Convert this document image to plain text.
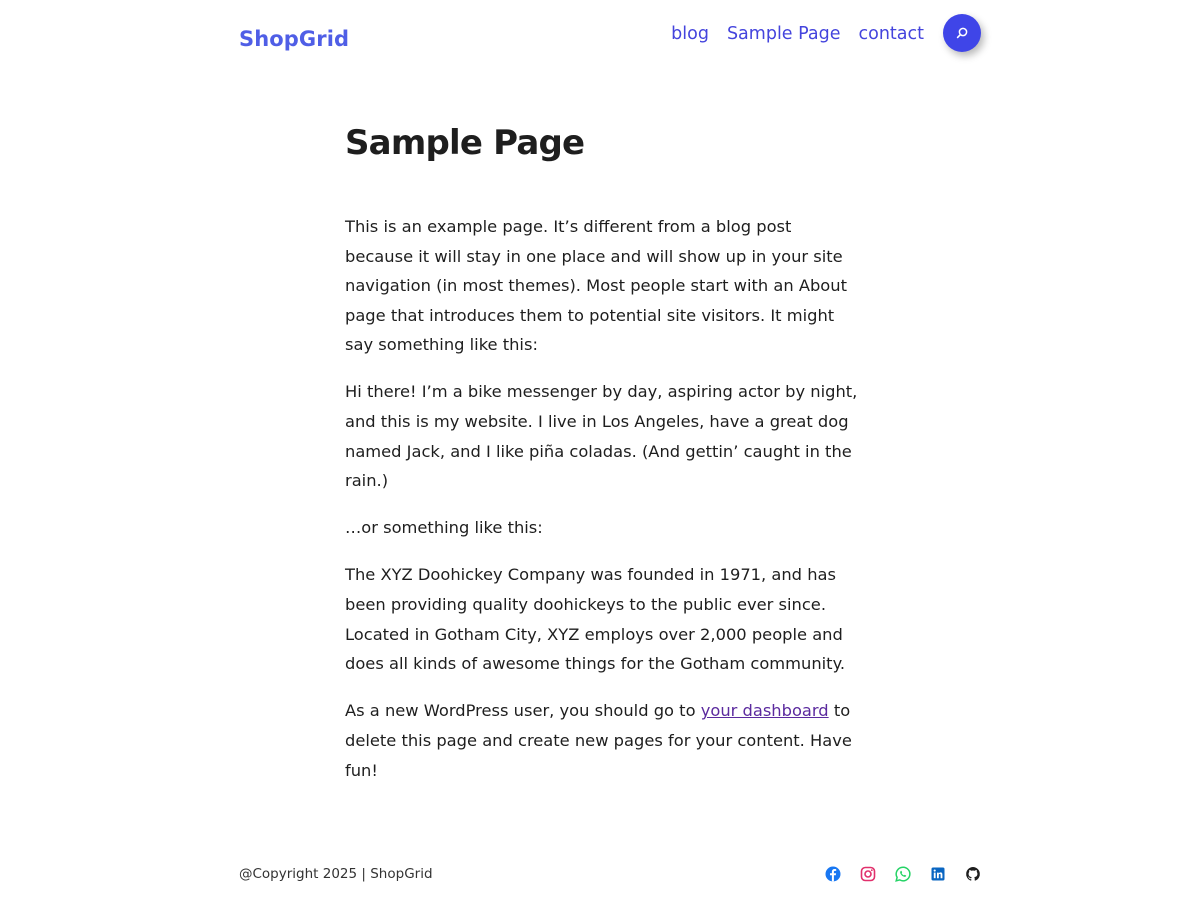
ShopGrid	blog Sample Page contact
Sample Page

This is an example page. It’s different from a blog post because it will stay in one place and will show up in your site navigation (in most themes). Most people start with an About page that introduces them to potential site visitors. It might say something like this:

Hi there! I’m a bike messenger by day, aspiring actor by night, and this is my website. I live in Los Angeles, have a great dog named Jack, and I like piña coladas. (And gettin’ caught in the rain.)

…or something like this:

The XYZ Doohickey Company was founded in 1971, and has been providing quality doohickeys to the public ever since. Located in Gotham City, XYZ employs over 2,000 people and does all kinds of awesome things for the Gotham community.

As a new WordPress user, you should go to your dashboard to delete this page and create new pages for your content. Have fun!

@Copyright 2025 | ShopGrid
